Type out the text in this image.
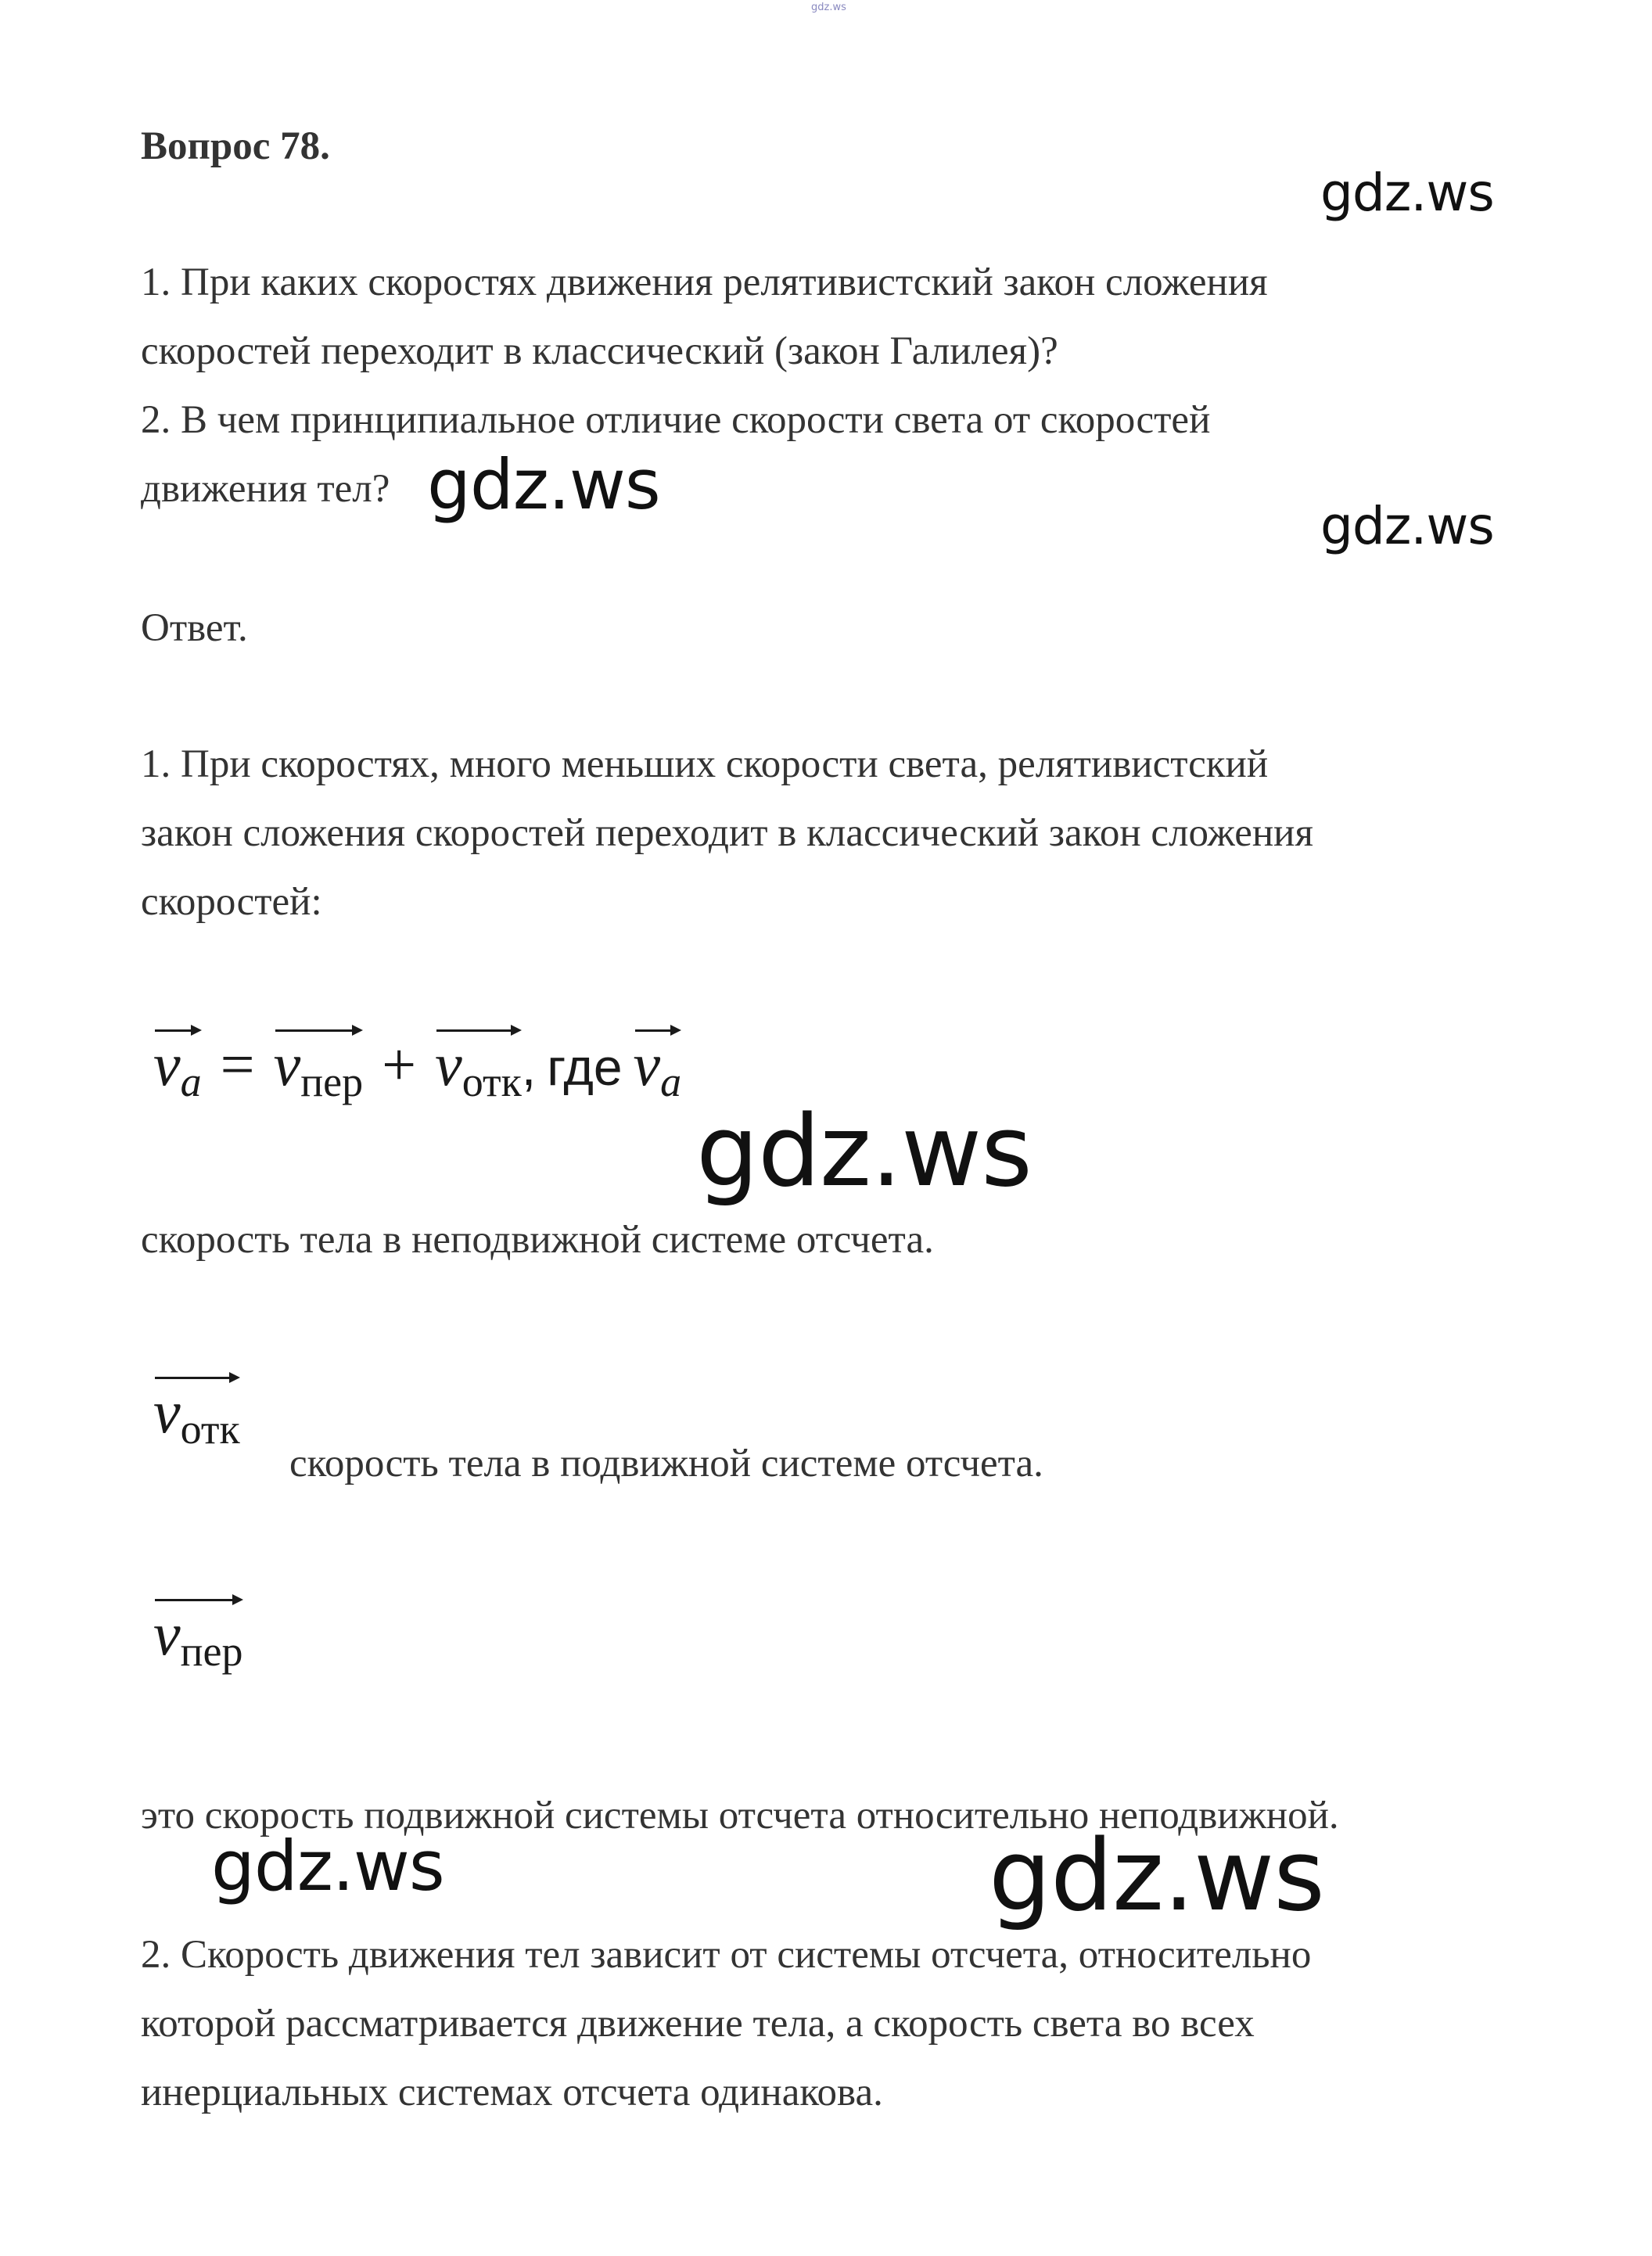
gdz.ws
Вопрос 78.
gdz.ws
1. При каких скоростях движения релятивистский закон сложения
скоростей переходит в классический (закон Галилея)?
2. В чем принципиальное отличие скорости света от скоростей
движения тел? gdz.ws
gdz.ws
Ответ.
1. При скоростях, много меньших скорости света, релятивистский
закон сложения скоростей переходит в классический закон сложения
скоростей:
va = vпер + vотк, где va
gdz.ws
скорость тела в неподвижной системе отсчета.
vотк
скорость тела в подвижной системе отсчета.
vпер
это скорость подвижной системы отсчета относительно неподвижной.
gdz.ws	gdz.ws
2. Скорость движения тел зависит от системы отсчета, относительно
которой рассматривается движение тела, а скорость света во всех
инерциальных системах отсчета одинакова.
